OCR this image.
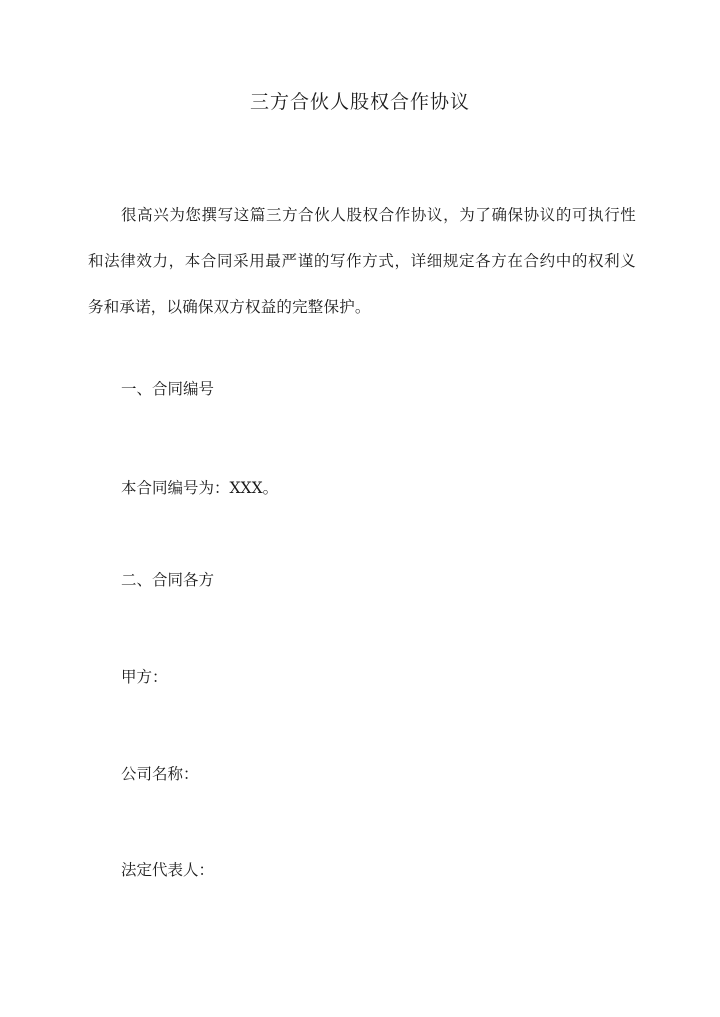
三方合伙人股权合作协议
很高兴为您撰写这篇三方合伙人股权合作协议，为了确保协议的可执行性和法律效力，本合同采用最严谨的写作方式，详细规定各方在合约中的权利义务和承诺，以确保双方权益的完整保护。
一、合同编号
本合同编号为：XXX。
二、合同各方
甲方：
公司名称：
法定代表人：
